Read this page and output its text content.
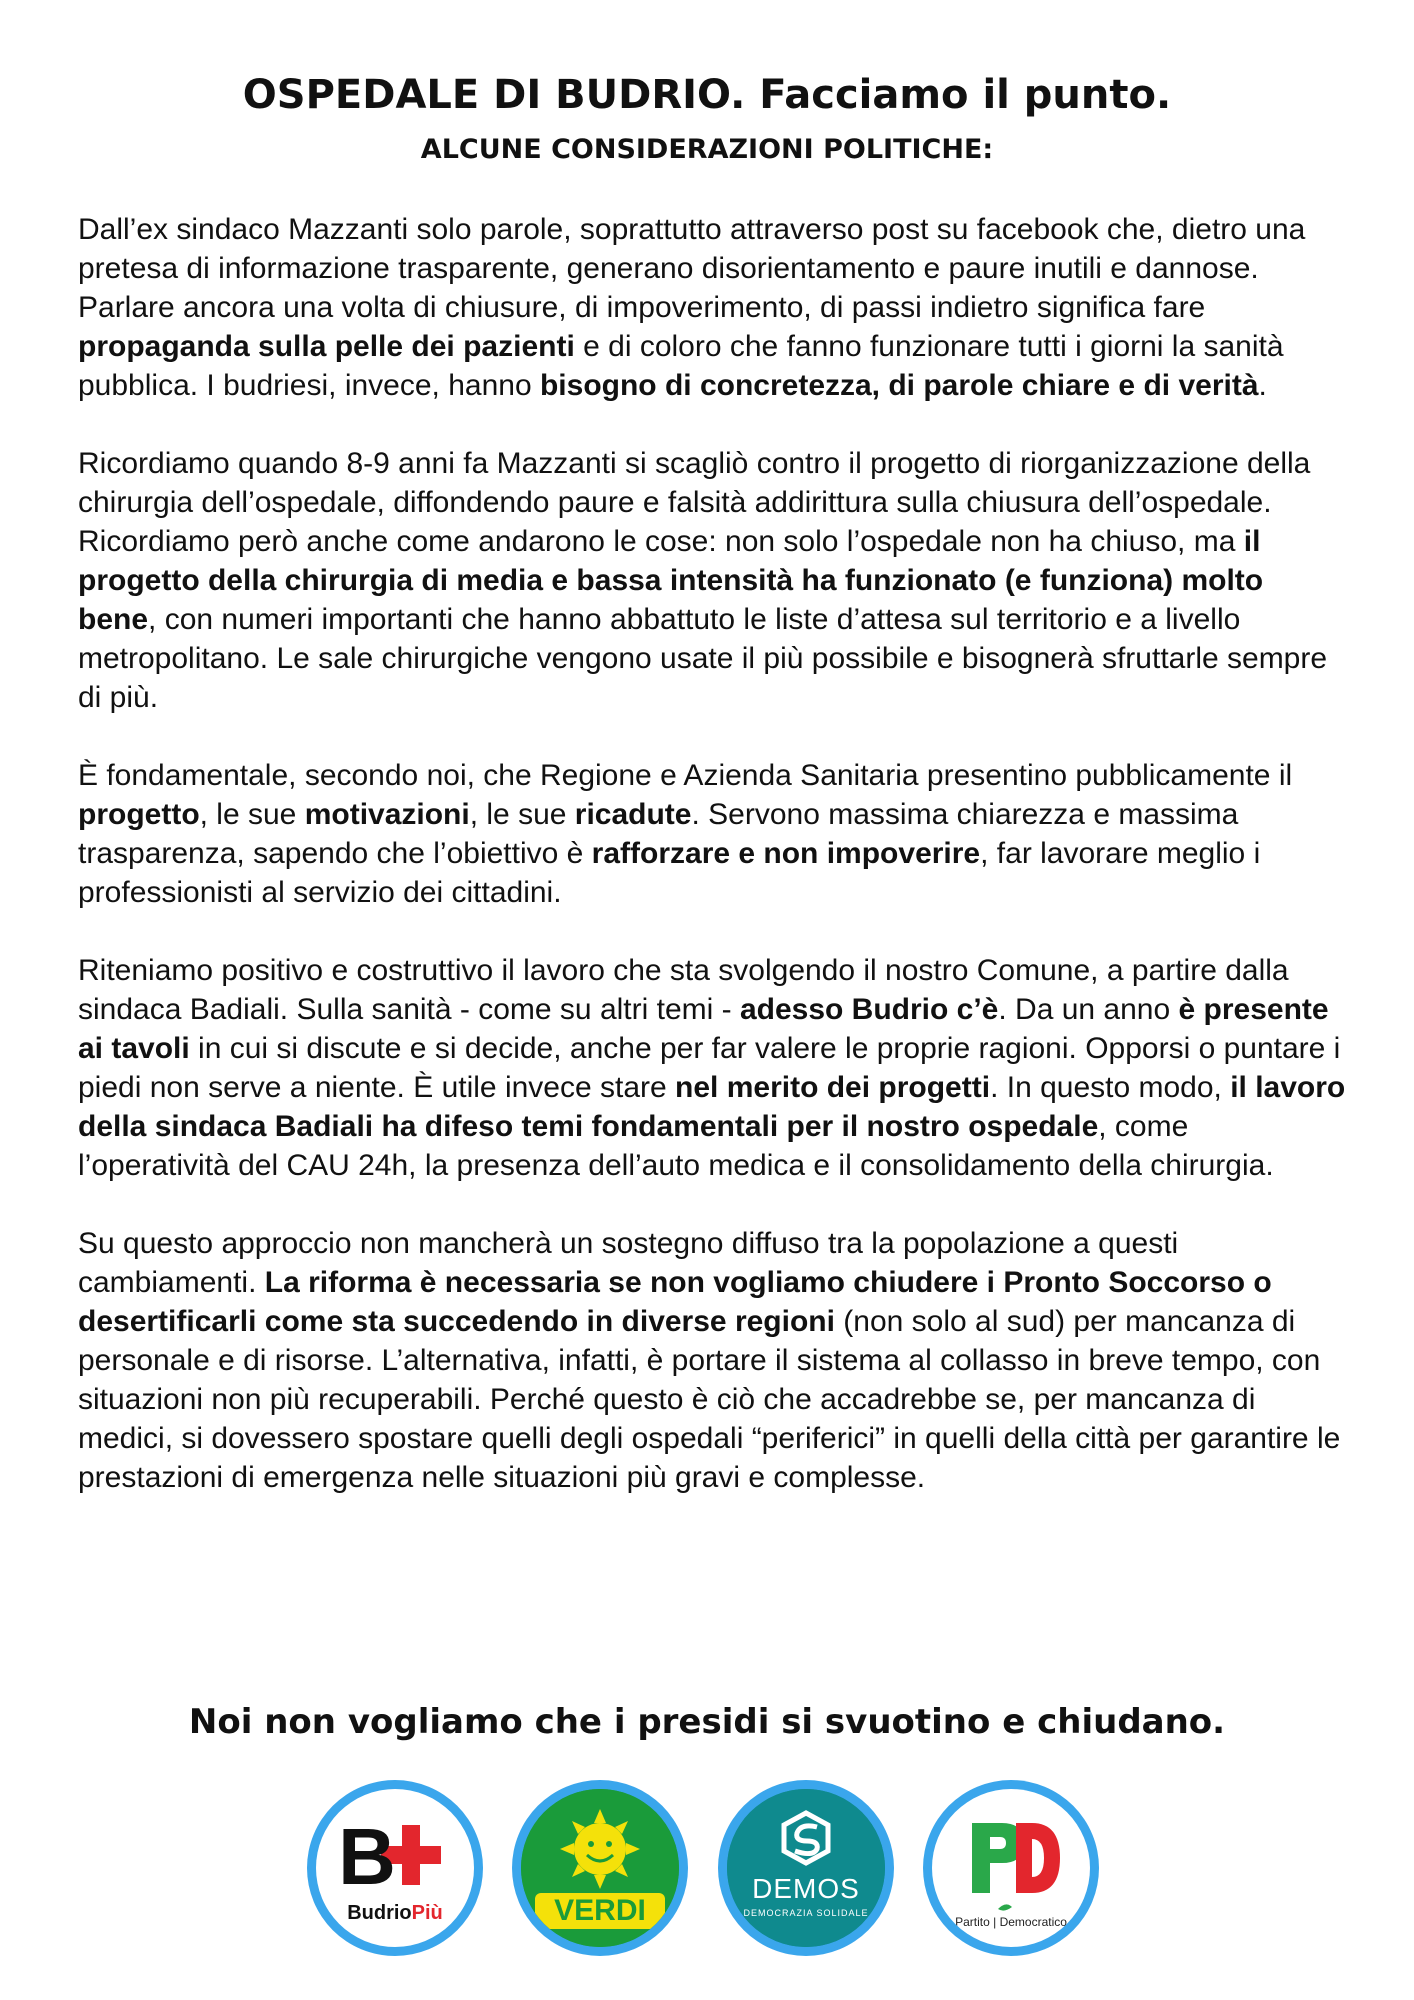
OSPEDALE DI BUDRIO. Facciamo il punto.
ALCUNE CONSIDERAZIONI POLITICHE:

Dall’ex sindaco Mazzanti solo parole, soprattutto attraverso post su facebook che, dietro una pretesa di informazione trasparente, generano disorientamento e paure inutili e dannose. Parlare ancora una volta di chiusure, di impoverimento, di passi indietro significa fare propaganda sulla pelle dei pazienti e di coloro che fanno funzionare tutti i giorni la sanità pubblica. I budriesi, invece, hanno bisogno di concretezza, di parole chiare e di verità.

Ricordiamo quando 8-9 anni fa Mazzanti si scagliò contro il progetto di riorganizzazione della chirurgia dell’ospedale, diffondendo paure e falsità addirittura sulla chiusura dell’ospedale. Ricordiamo però anche come andarono le cose: non solo l’ospedale non ha chiuso, ma il progetto della chirurgia di media e bassa intensità ha funzionato (e funziona) molto bene, con numeri importanti che hanno abbattuto le liste d’attesa sul territorio e a livello metropolitano. Le sale chirurgiche vengono usate il più possibile e bisognerà sfruttarle sempre di più.

È fondamentale, secondo noi, che Regione e Azienda Sanitaria presentino pubblicamente il progetto, le sue motivazioni, le sue ricadute. Servono massima chiarezza e massima trasparenza, sapendo che l’obiettivo è rafforzare e non impoverire, far lavorare meglio i professionisti al servizio dei cittadini.

Riteniamo positivo e costruttivo il lavoro che sta svolgendo il nostro Comune, a partire dalla sindaca Badiali. Sulla sanità - come su altri temi - adesso Budrio c’è. Da un anno è presente ai tavoli in cui si discute e si decide, anche per far valere le proprie ragioni. Opporsi o puntare i piedi non serve a niente. È utile invece stare nel merito dei progetti. In questo modo, il lavoro della sindaca Badiali ha difeso temi fondamentali per il nostro ospedale, come l’operatività del CAU 24h, la presenza dell’auto medica e il consolidamento della chirurgia.

Su questo approccio non mancherà un sostegno diffuso tra la popolazione a questi cambiamenti. La riforma è necessaria se non vogliamo chiudere i Pronto Soccorso o desertificarli come sta succedendo in diverse regioni (non solo al sud) per mancanza di personale e di risorse. L’alternativa, infatti, è portare il sistema al collasso in breve tempo, con situazioni non più recuperabili. Perché questo è ciò che accadrebbe se, per mancanza di medici, si dovessero spostare quelli degli ospedali “periferici” in quelli della città per garantire le prestazioni di emergenza nelle situazioni più gravi e complesse.

Noi non vogliamo che i presidi si svuotino e chiudano.
B
BudrioPiù	VERDI
DEMOS
DEMOCRAZIA SOLIDALE
Partito | Democratico
